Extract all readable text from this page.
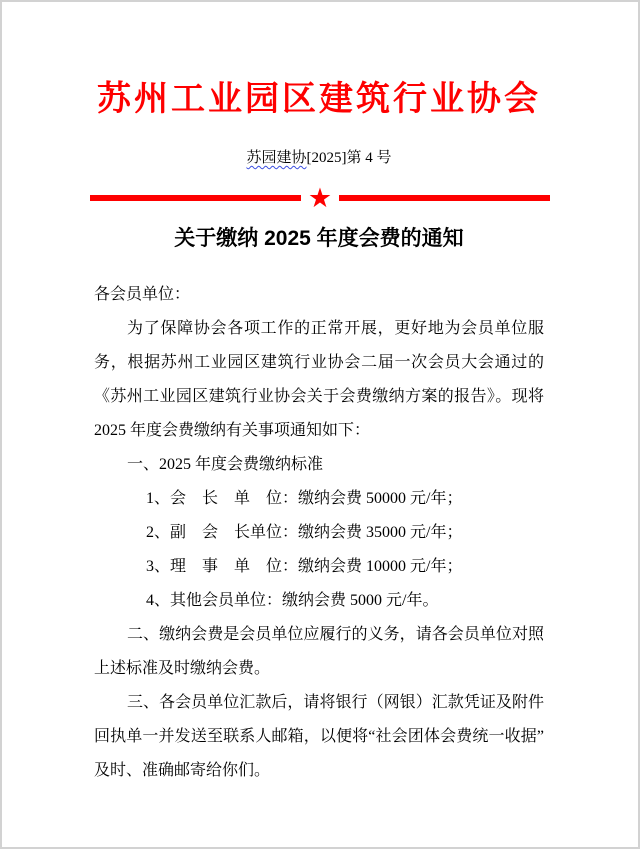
苏州工业园区建筑行业协会
苏园建协[2025]第 4 号
★
关于缴纳 2025 年度会费的通知

各会员单位：

为了保障协会各项工作的正常开展，更好地为会员单位服务，根据苏州工业园区建筑行业协会二届一次会员大会通过的《苏州工业园区建筑行业协会关于会费缴纳方案的报告》。现将 2025 年度会费缴纳有关事项通知如下：

一、2025 年度会费缴纳标准

1、会　长　单　位：缴纳会费 50000 元/年；

2、副　会　长单位：缴纳会费 35000 元/年；

3、理　事　单　位：缴纳会费 10000 元/年；

4、其他会员单位：缴纳会费 5000 元/年。

二、缴纳会费是会员单位应履行的义务，请各会员单位对照上述标准及时缴纳会费。

三、各会员单位汇款后，请将银行（网银）汇款凭证及附件回执单一并发送至联系人邮箱，以便将“社会团体会费统一收据”及时、准确邮寄给你们。
